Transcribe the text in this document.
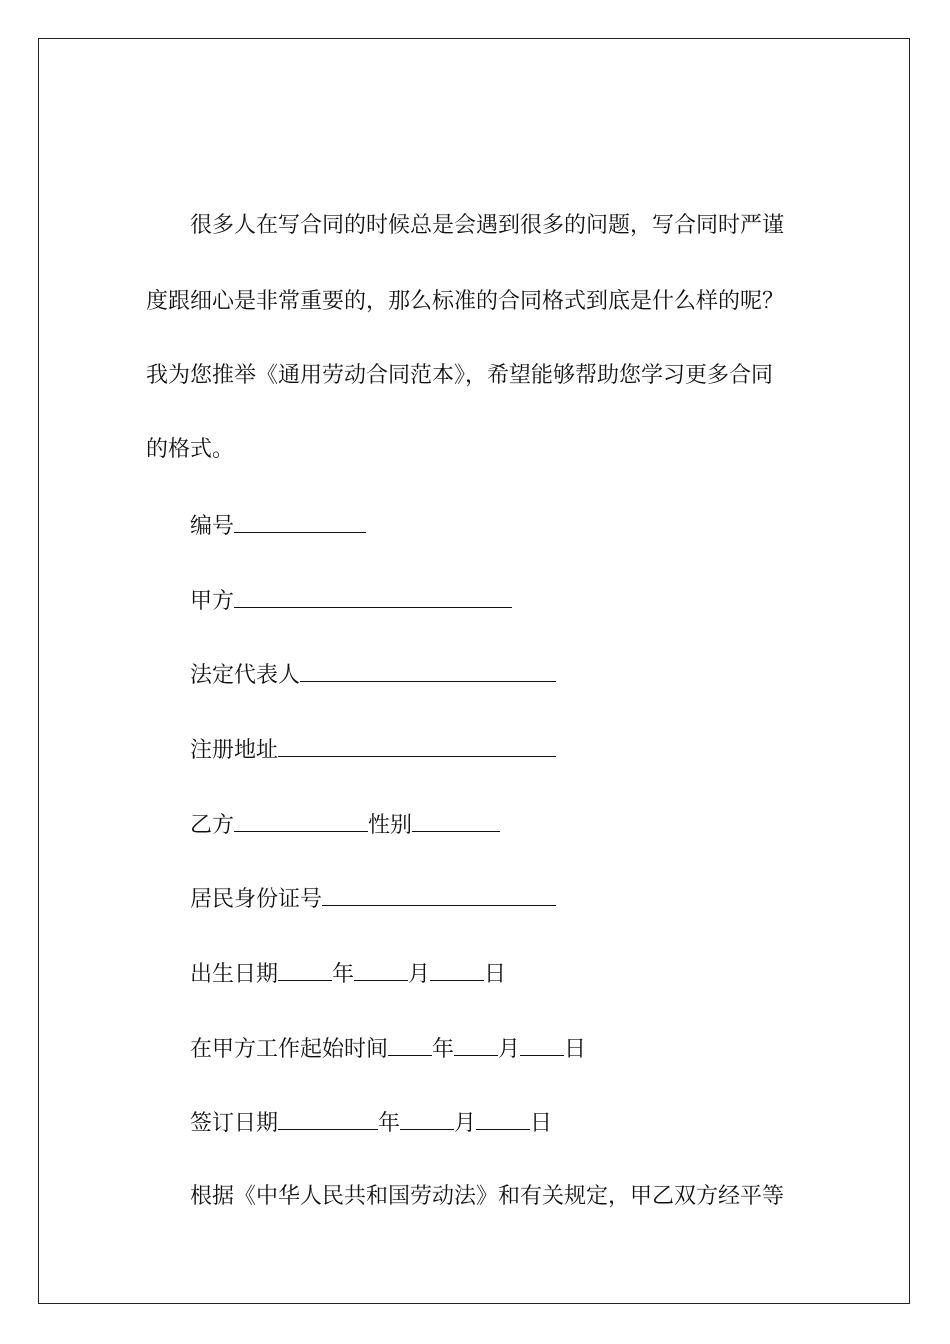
很多人在写合同的时候总是会遇到很多的问题，写合同时严谨
度跟细心是非常重要的，那么标准的合同格式到底是什么样的呢？
我为您推举《通用劳动合同范本》，希望能够帮助您学习更多合同
的格式。
编号
甲方
法定代表人
注册地址
乙方	性别
居民身份证号
出生日期 年 月 日
在甲方工作起始时间 年 月 日
签订日期	年 月 日
根据《中华人民共和国劳动法》和有关规定，甲乙双方经平等
